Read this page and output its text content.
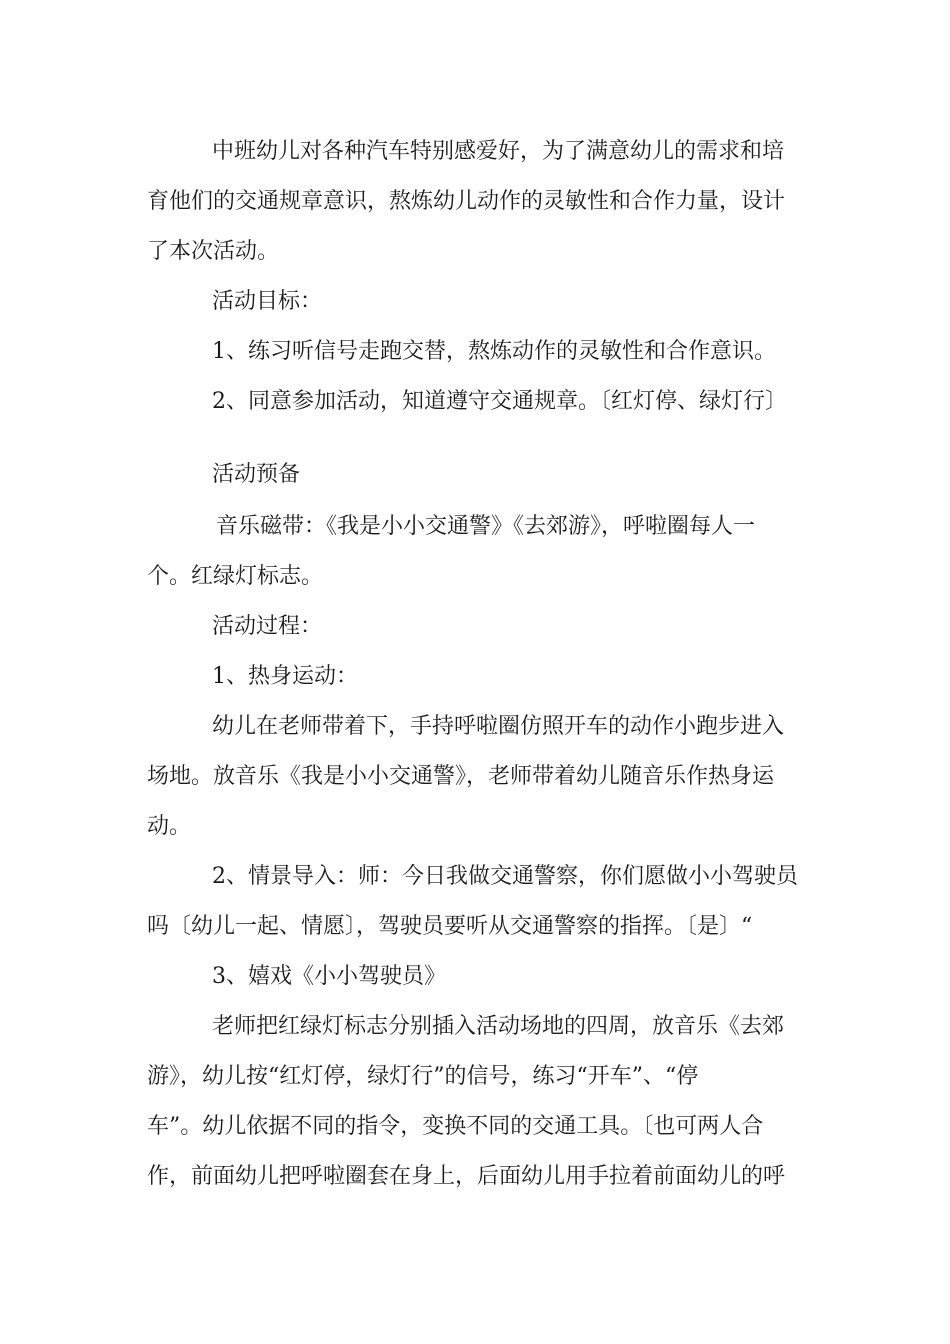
中班幼儿对各种汽车特别感爱好，为了满意幼儿的需求和培
育他们的交通规章意识，熬炼幼儿动作的灵敏性和合作力量，设计
了本次活动。
活动目标：
1、练习听信号走跑交替，熬炼动作的灵敏性和合作意识。
2、同意参加活动，知道遵守交通规章。〔红灯停、绿灯行〕
活动预备
音乐磁带：《我是小小交通警》《去郊游》，呼啦圈每人一
个。红绿灯标志。
活动过程：
1、热身运动：
幼儿在老师带着下，手持呼啦圈仿照开车的动作小跑步进入
场地。放音乐《我是小小交通警》，老师带着幼儿随音乐作热身运
动。
2、情景导入：师：今日我做交通警察，你们愿做小小驾驶员
吗〔幼儿一起、情愿〕，驾驶员要听从交通警察的指挥。〔是〕“
3、嬉戏《小小驾驶员》
老师把红绿灯标志分别插入活动场地的四周，放音乐《去郊
游》，幼儿按“红灯停，绿灯行”的信号，练习“开车”、“停
车”。幼儿依据不同的指令，变换不同的交通工具。〔也可两人合
作，前面幼儿把呼啦圈套在身上，后面幼儿用手拉着前面幼儿的呼
